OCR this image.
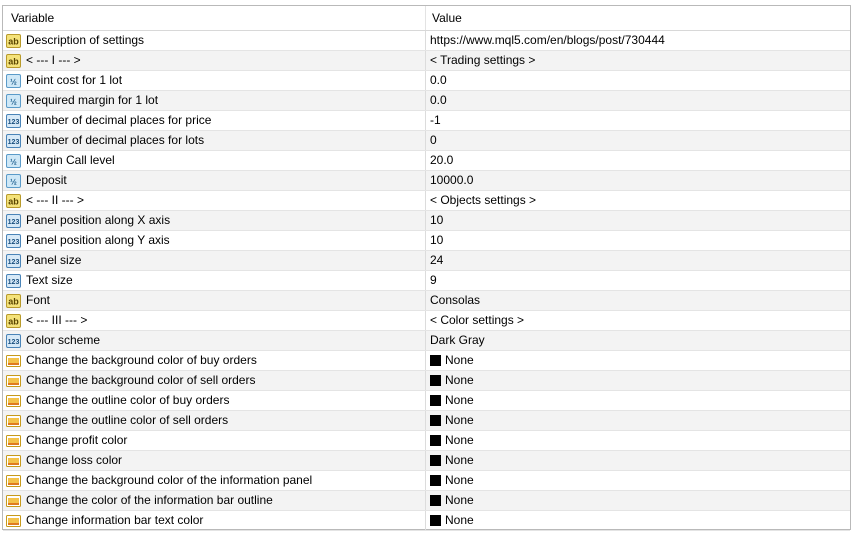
Variable	Value
ab Description of settings	https://www.mql5.com/en/blogs/post/730444
ab < --- I --- >	< Trading settings >
½ Point cost for 1 lot	0.0
½ Required margin for 1 lot	0.0
123 Number of decimal places for price	-1
123 Number of decimal places for lots	0
½ Margin Call level	20.0
½ Deposit	10000.0
ab < --- II --- >	< Objects settings >
123 Panel position along X axis	10
123 Panel position along Y axis	10
123 Panel size	24
123 Text size	9
ab Font	Consolas
ab < --- III --- >	< Color settings >
123 Color scheme	Dark Gray
Change the background color of buy orders	None
Change the background color of sell orders	None
Change the outline color of buy orders	None
Change the outline color of sell orders	None
Change profit color	None
Change loss color	None
Change the background color of the information panel	None
Change the color of the information bar outline	None
Change information bar text color	None
